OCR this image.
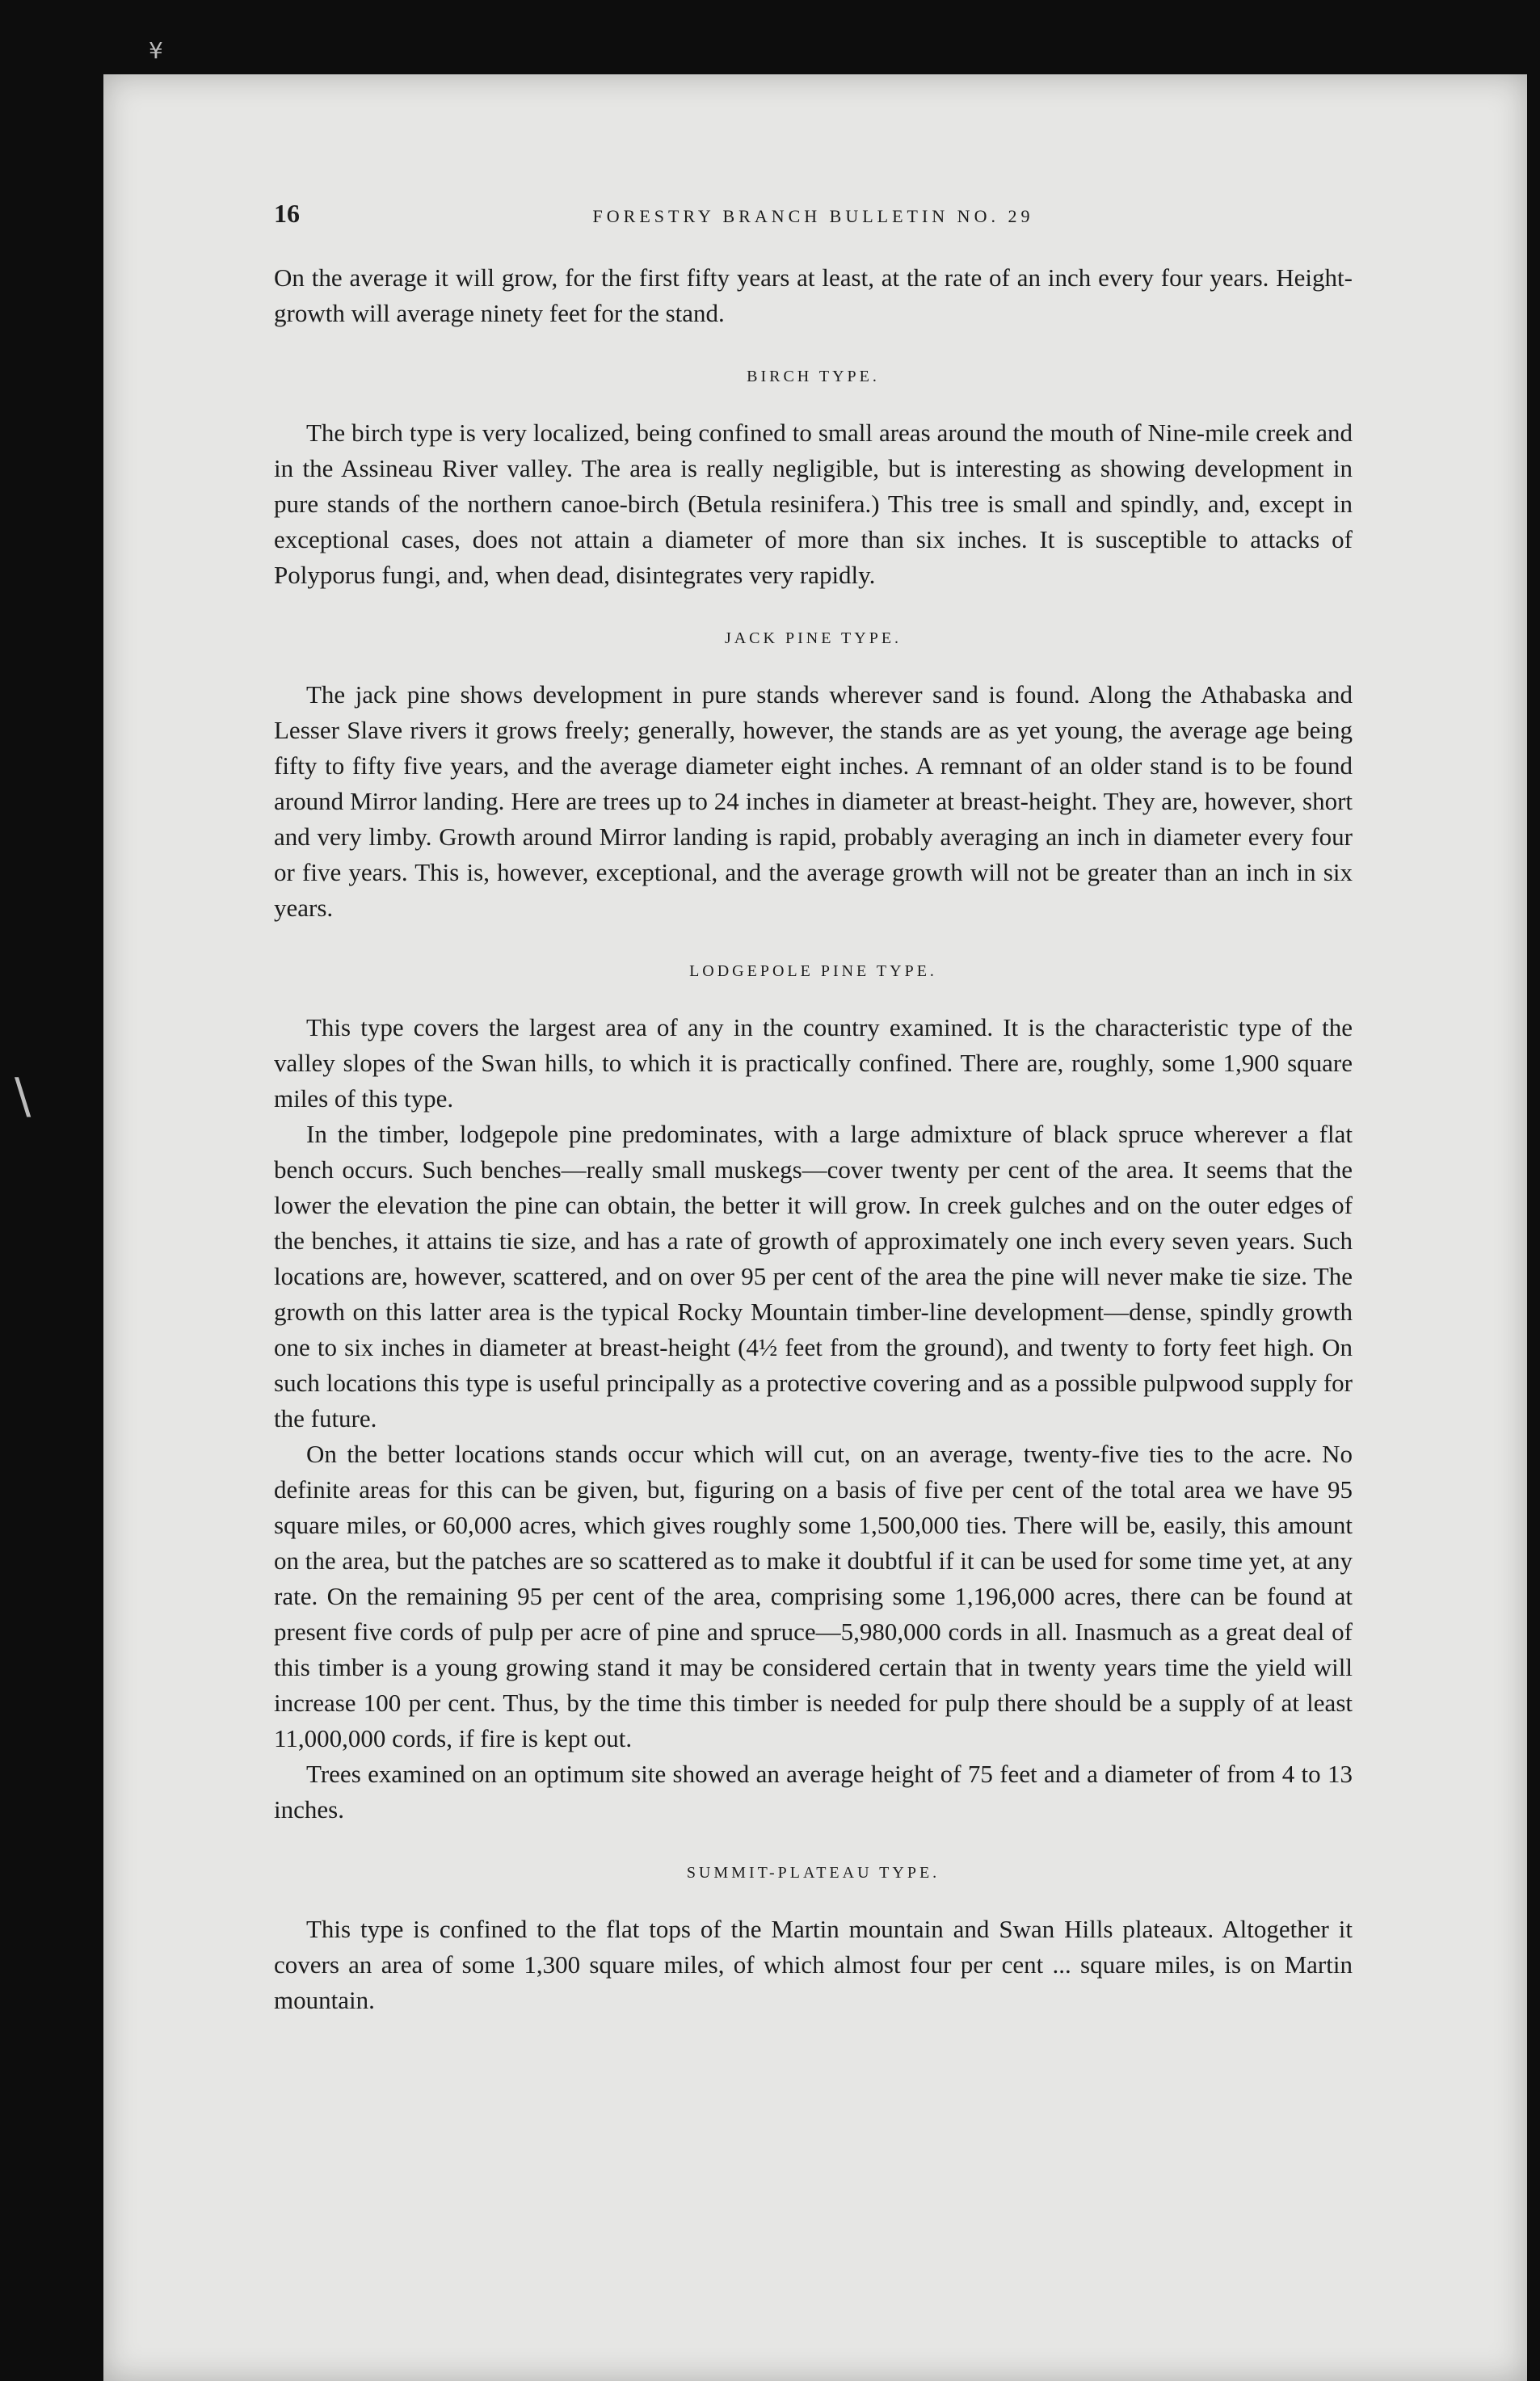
¥
\
16	FORESTRY BRANCH BULLETIN NO. 29

On the average it will grow, for the first fifty years at least, at the rate of an inch every four years. Height-growth will average ninety feet for the stand.

BIRCH TYPE.

The birch type is very localized, being confined to small areas around the mouth of Nine-mile creek and in the Assineau River valley. The area is really negligible, but is interesting as showing development in pure stands of the northern canoe-birch (Betula resinifera.) This tree is small and spindly, and, except in exceptional cases, does not attain a diameter of more than six inches. It is susceptible to attacks of Polyporus fungi, and, when dead, disintegrates very rapidly.

JACK PINE TYPE.

The jack pine shows development in pure stands wherever sand is found. Along the Athabaska and Lesser Slave rivers it grows freely; generally, however, the stands are as yet young, the average age being fifty to fifty five years, and the average diameter eight inches. A remnant of an older stand is to be found around Mirror landing. Here are trees up to 24 inches in diameter at breast-height. They are, however, short and very limby. Growth around Mirror landing is rapid, probably averaging an inch in diameter every four or five years. This is, however, exceptional, and the average growth will not be greater than an inch in six years.

LODGEPOLE PINE TYPE.

This type covers the largest area of any in the country examined. It is the characteristic type of the valley slopes of the Swan hills, to which it is practically confined. There are, roughly, some 1,900 square miles of this type.

In the timber, lodgepole pine predominates, with a large admixture of black spruce wherever a flat bench occurs. Such benches—really small muskegs—cover twenty per cent of the area. It seems that the lower the elevation the pine can obtain, the better it will grow. In creek gulches and on the outer edges of the benches, it attains tie size, and has a rate of growth of approximately one inch every seven years. Such locations are, however, scattered, and on over 95 per cent of the area the pine will never make tie size. The growth on this latter area is the typical Rocky Mountain timber-line development—dense, spindly growth one to six inches in diameter at breast-height (4½ feet from the ground), and twenty to forty feet high. On such locations this type is useful principally as a protective covering and as a possible pulpwood supply for the future.

On the better locations stands occur which will cut, on an average, twenty-five ties to the acre. No definite areas for this can be given, but, figuring on a basis of five per cent of the total area we have 95 square miles, or 60,000 acres, which gives roughly some 1,500,000 ties. There will be, easily, this amount on the area, but the patches are so scattered as to make it doubtful if it can be used for some time yet, at any rate. On the remaining 95 per cent of the area, comprising some 1,196,000 acres, there can be found at present five cords of pulp per acre of pine and spruce—5,980,000 cords in all. Inasmuch as a great deal of this timber is a young growing stand it may be considered certain that in twenty years time the yield will increase 100 per cent. Thus, by the time this timber is needed for pulp there should be a supply of at least 11,000,000 cords, if fire is kept out.

Trees examined on an optimum site showed an average height of 75 feet and a diameter of from 4 to 13 inches.

SUMMIT-PLATEAU TYPE.

This type is confined to the flat tops of the Martin mountain and Swan Hills plateaux. Altogether it covers an area of some 1,300 square miles, of which almost four per cent ... square miles, is on Martin mountain.
